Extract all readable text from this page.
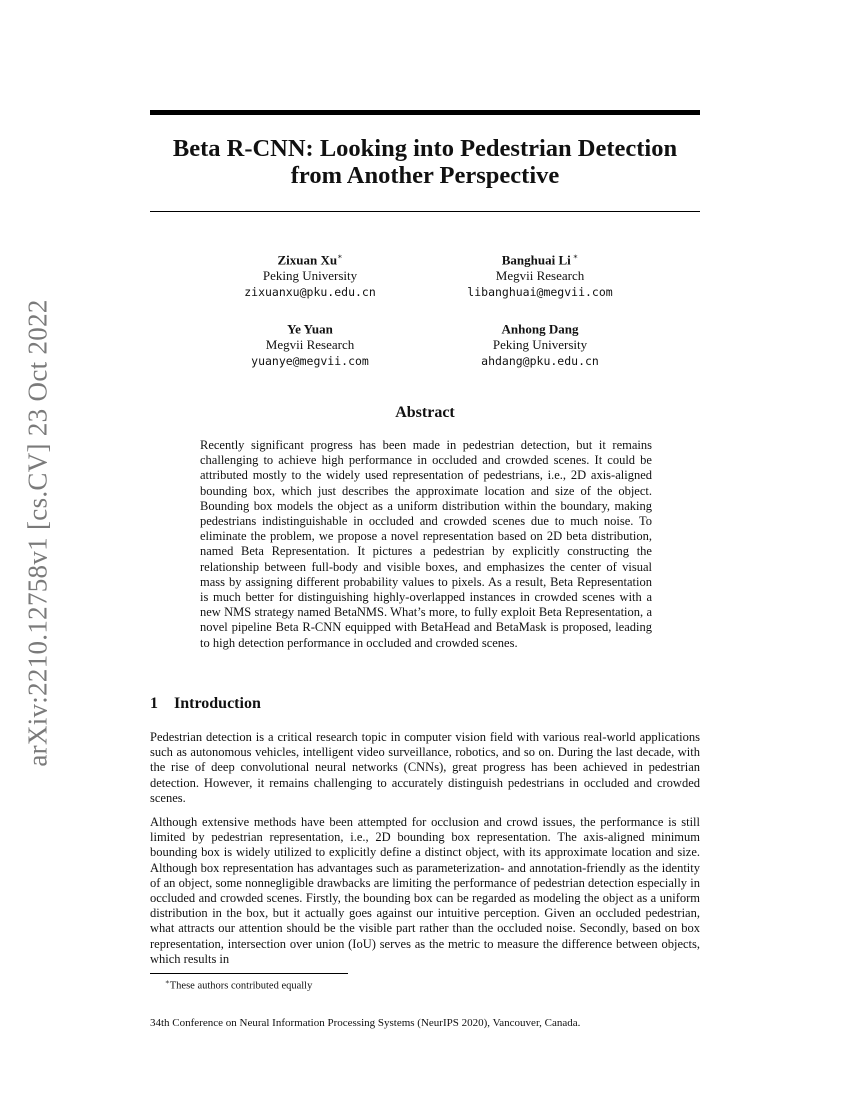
arXiv:2210.12758v1 [cs.CV] 23 Oct 2022
Beta R-CNN: Looking into Pedestrian Detection from Another Perspective
Zixuan Xu∗
Peking University
zixuanxu@pku.edu.cn
Banghuai Li ∗
Megvii Research
libanghuai@megvii.com
Ye Yuan
Megvii Research
yuanye@megvii.com
Anhong Dang
Peking University
ahdang@pku.edu.cn
Abstract

Recently significant progress has been made in pedestrian detection, but it remains challenging to achieve high performance in occluded and crowded scenes. It could be attributed mostly to the widely used representation of pedestrians, i.e., 2D axis-aligned bounding box, which just describes the approximate location and size of the object. Bounding box models the object as a uniform distribution within the boundary, making pedestrians indistinguishable in occluded and crowded scenes due to much noise. To eliminate the problem, we propose a novel representation based on 2D beta distribution, named Beta Representation. It pictures a pedestrian by explicitly constructing the relationship between full-body and visible boxes, and emphasizes the center of visual mass by assigning different probability values to pixels. As a result, Beta Representation is much better for distinguishing highly-overlapped instances in crowded scenes with a new NMS strategy named BetaNMS. What’s more, to fully exploit Beta Representation, a novel pipeline Beta R-CNN equipped with BetaHead and BetaMask is proposed, leading to high detection performance in occluded and crowded scenes.

1 Introduction

Pedestrian detection is a critical research topic in computer vision field with various real-world applications such as autonomous vehicles, intelligent video surveillance, robotics, and so on. During the last decade, with the rise of deep convolutional neural networks (CNNs), great progress has been achieved in pedestrian detection. However, it remains challenging to accurately distinguish pedestrians in occluded and crowded scenes.

Although extensive methods have been attempted for occlusion and crowd issues, the performance is still limited by pedestrian representation, i.e., 2D bounding box representation. The axis-aligned minimum bounding box is widely utilized to explicitly define a distinct object, with its approximate location and size. Although box representation has advantages such as parameterization- and annotation-friendly as the identity of an object, some nonnegligible drawbacks are limiting the performance of pedestrian detection especially in occluded and crowded scenes. Firstly, the bounding box can be regarded as modeling the object as a uniform distribution in the box, but it actually goes against our intuitive perception. Given an occluded pedestrian, what attracts our attention should be the visible part rather than the occluded noise. Secondly, based on box representation, intersection over union (IoU) serves as the metric to measure the difference between objects, which results in

∗These authors contributed equally

34th Conference on Neural Information Processing Systems (NeurIPS 2020), Vancouver, Canada.
